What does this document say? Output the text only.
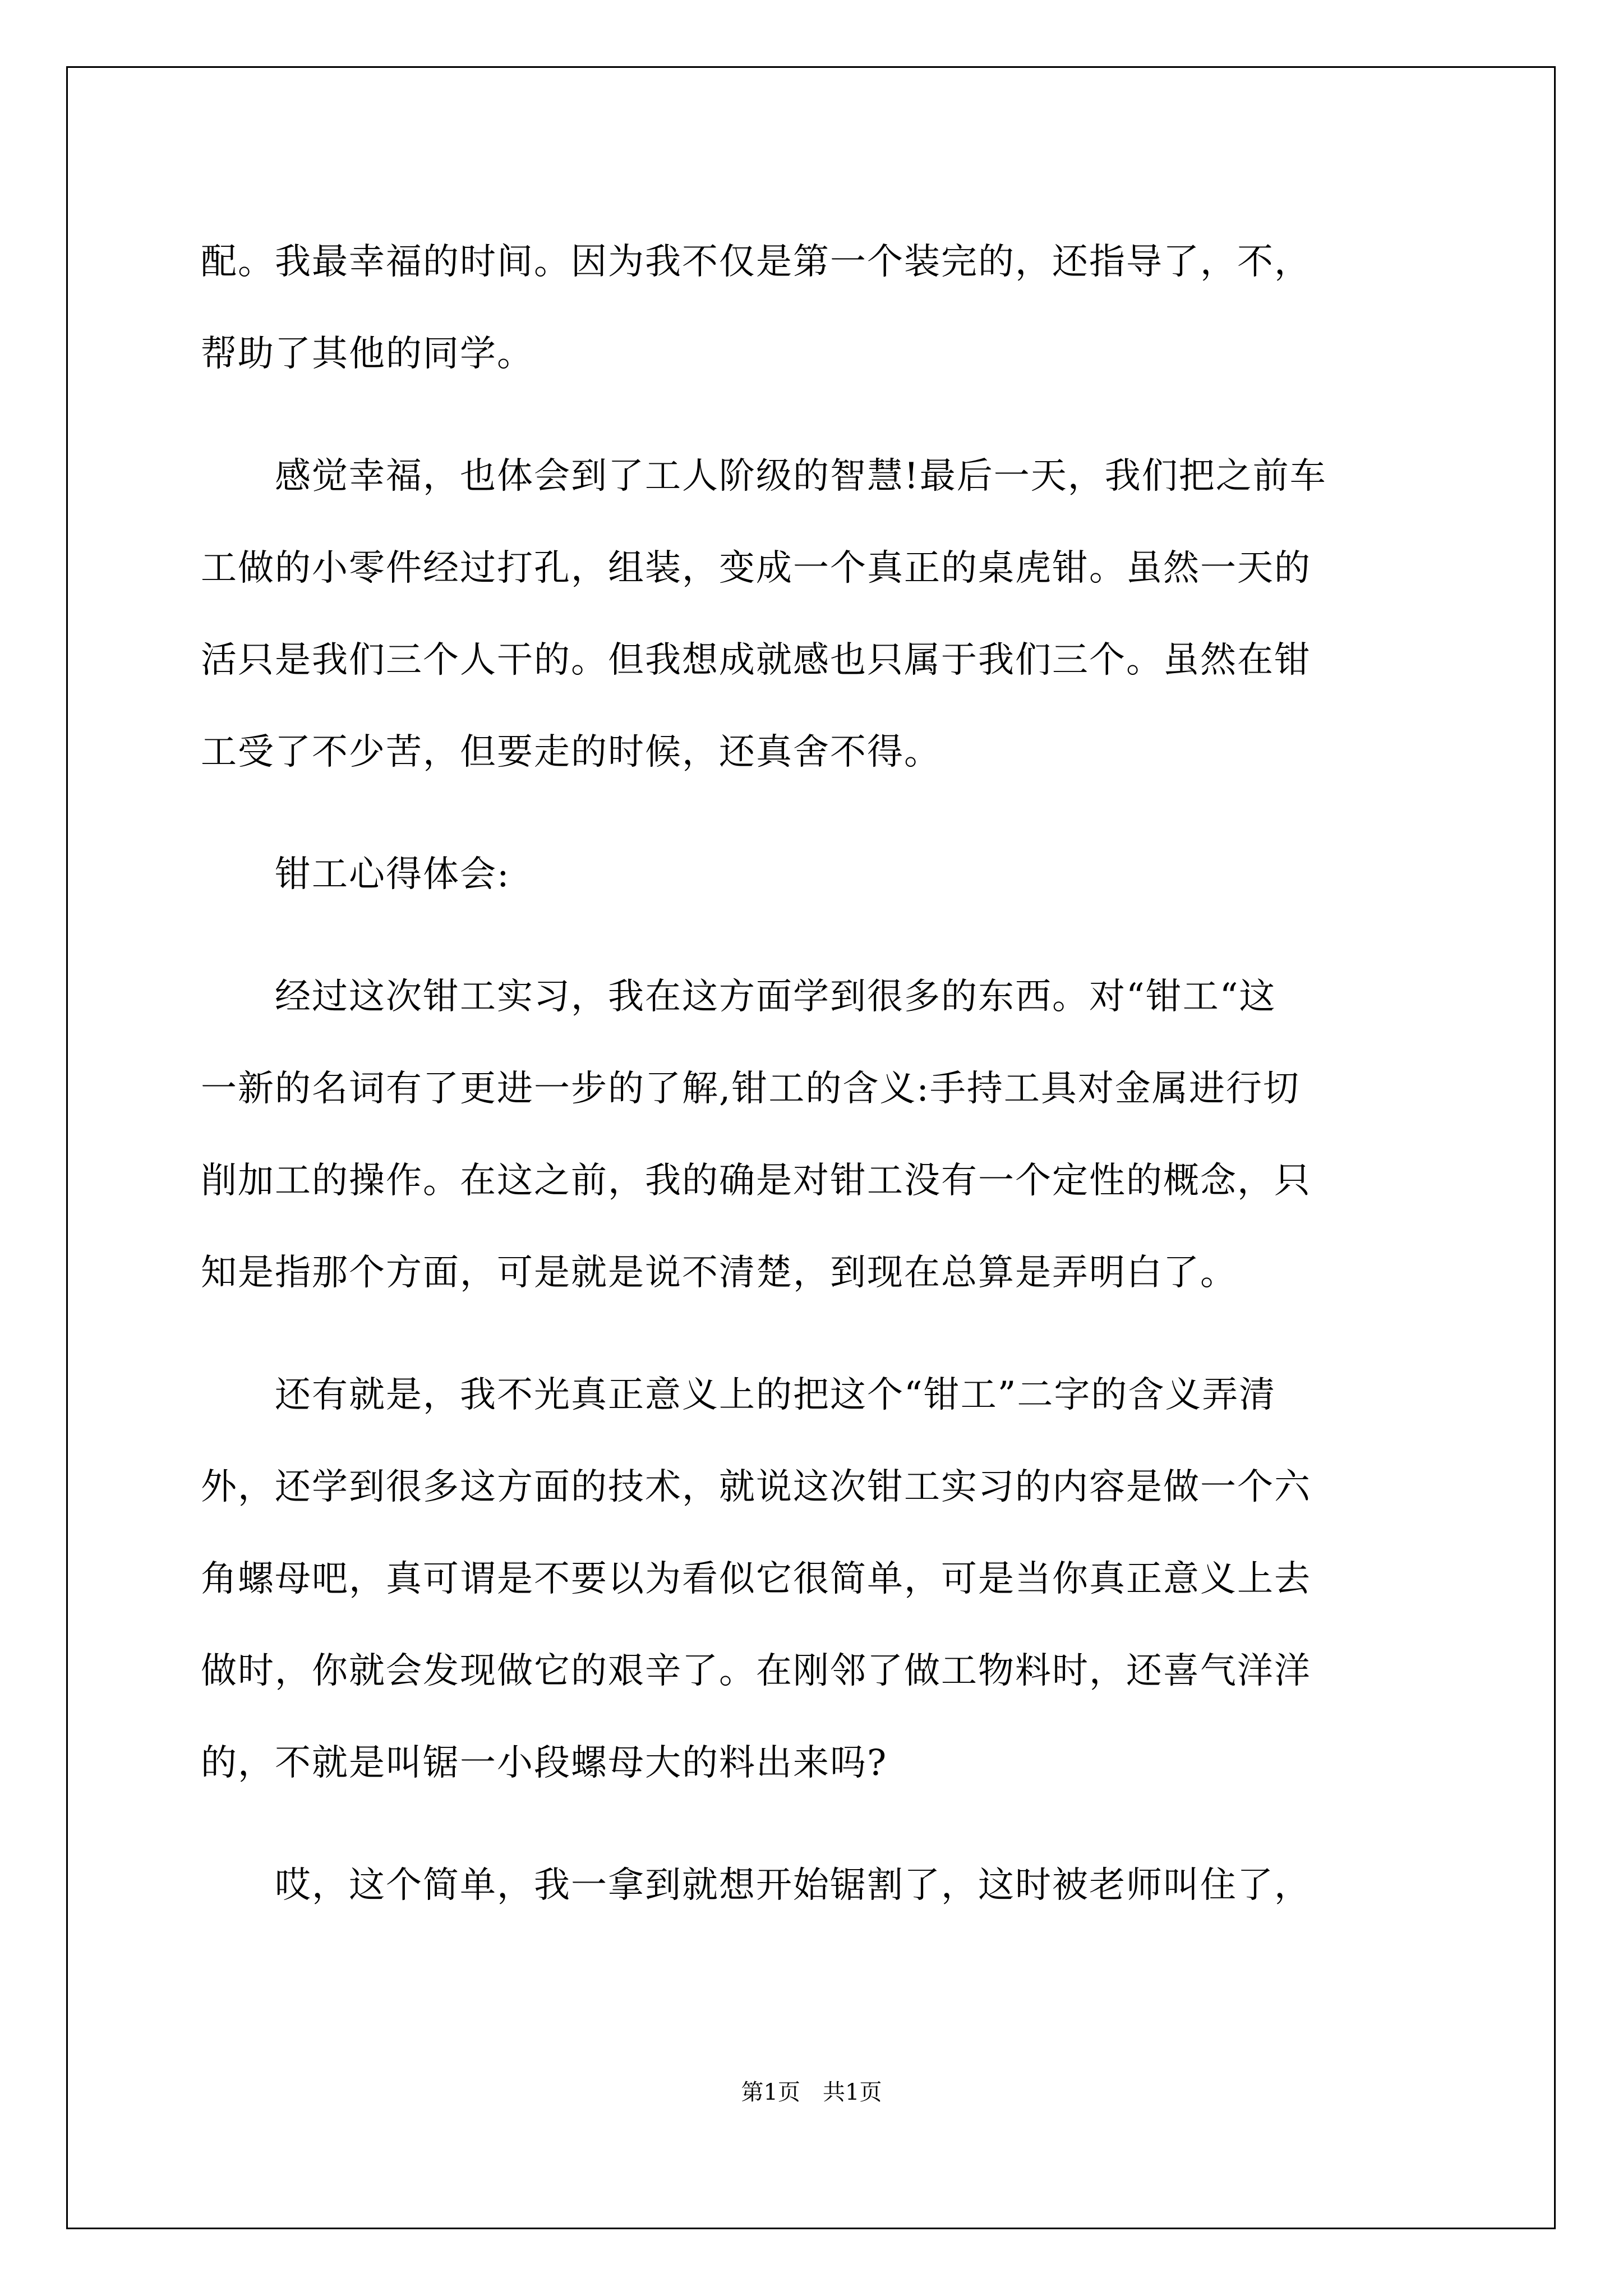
配。我最幸福的时间。因为我不仅是第一个装完的，还指导了，不，
帮助了其他的同学。
　　感觉幸福，也体会到了工人阶级的智慧!最后一天，我们把之前车
工做的小零件经过打孔，组装，变成一个真正的桌虎钳。虽然一天的
活只是我们三个人干的。但我想成就感也只属于我们三个。虽然在钳
工受了不少苦，但要走的时候，还真舍不得。
　　钳工心得体会:
　　经过这次钳工实习，我在这方面学到很多的东西。对“钳工“这
一新的名词有了更进一步的了解,钳工的含义:手持工具对金属进行切
削加工的操作。在这之前，我的确是对钳工没有一个定性的概念，只
知是指那个方面，可是就是说不清楚，到现在总算是弄明白了。
　　还有就是，我不光真正意义上的把这个“钳工”二字的含义弄清
外，还学到很多这方面的技术，就说这次钳工实习的内容是做一个六
角螺母吧，真可谓是不要以为看似它很简单，可是当你真正意义上去
做时，你就会发现做它的艰辛了。在刚邻了做工物料时，还喜气洋洋
的，不就是叫锯一小段螺母大的料出来吗?
　　哎，这个简单，我一拿到就想开始锯割了，这时被老师叫住了，
第1页　共1页
